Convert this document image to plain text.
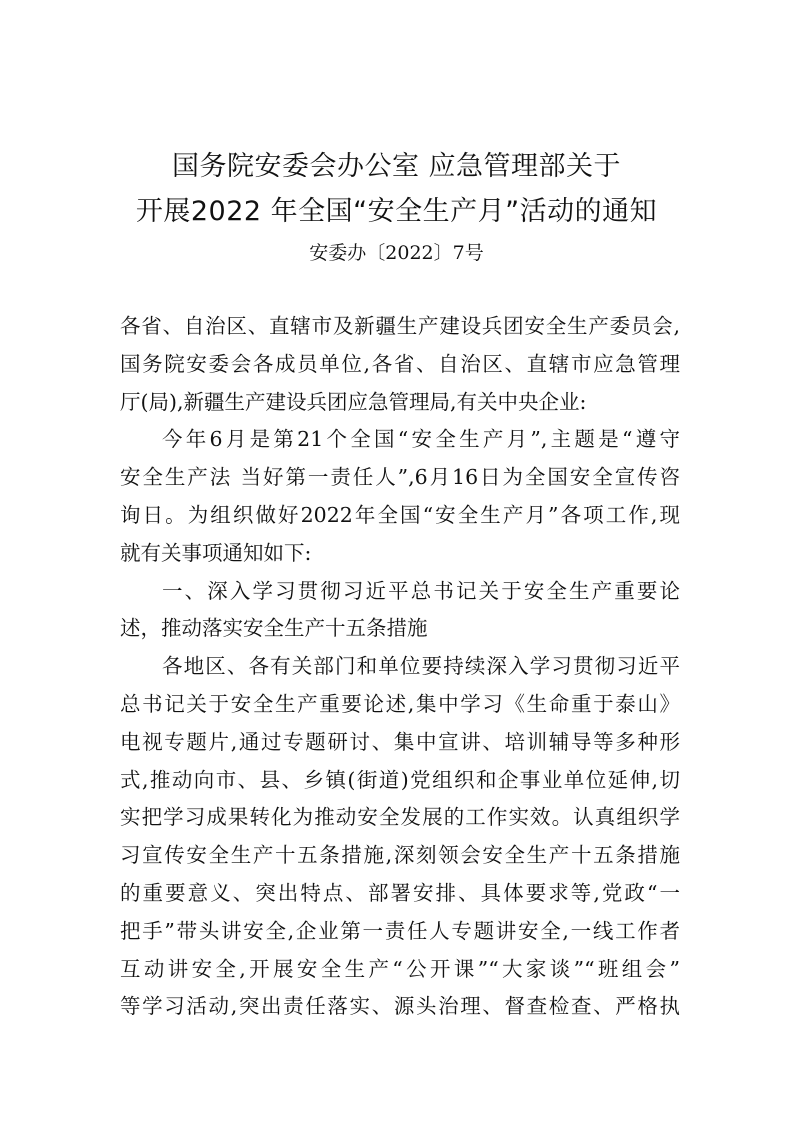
国务院安委会办公室 应急管理部关于
开展2022 年全国“安全生产月”活动的通知
安委办〔2022〕7号
各省、自治区、直辖市及新疆生产建设兵团安全生产委员会,
国务院安委会各成员单位,各省、自治区、直辖市应急管理
厅(局),新疆生产建设兵团应急管理局,有关中央企业:
今年6月是第21个全国“安全生产月”,主题是“遵守
安全生产法 当好第一责任人”,6月16日为全国安全宣传咨
询日。为组织做好2022年全国“安全生产月”各项工作,现
就有关事项通知如下:
一、深入学习贯彻习近平总书记关于安全生产重要论
述，推动落实安全生产十五条措施
各地区、各有关部门和单位要持续深入学习贯彻习近平
总书记关于安全生产重要论述,集中学习《生命重于泰山》
电视专题片,通过专题研讨、集中宣讲、培训辅导等多种形
式,推动向市、县、乡镇(街道)党组织和企事业单位延伸,切
实把学习成果转化为推动安全发展的工作实效。认真组织学
习宣传安全生产十五条措施,深刻领会安全生产十五条措施
的重要意义、突出特点、部署安排、具体要求等,党政“一
把手”带头讲安全,企业第一责任人专题讲安全,一线工作者
互动讲安全,开展安全生产“公开课”“大家谈”“班组会”
等学习活动,突出责任落实、源头治理、督查检查、严格执
